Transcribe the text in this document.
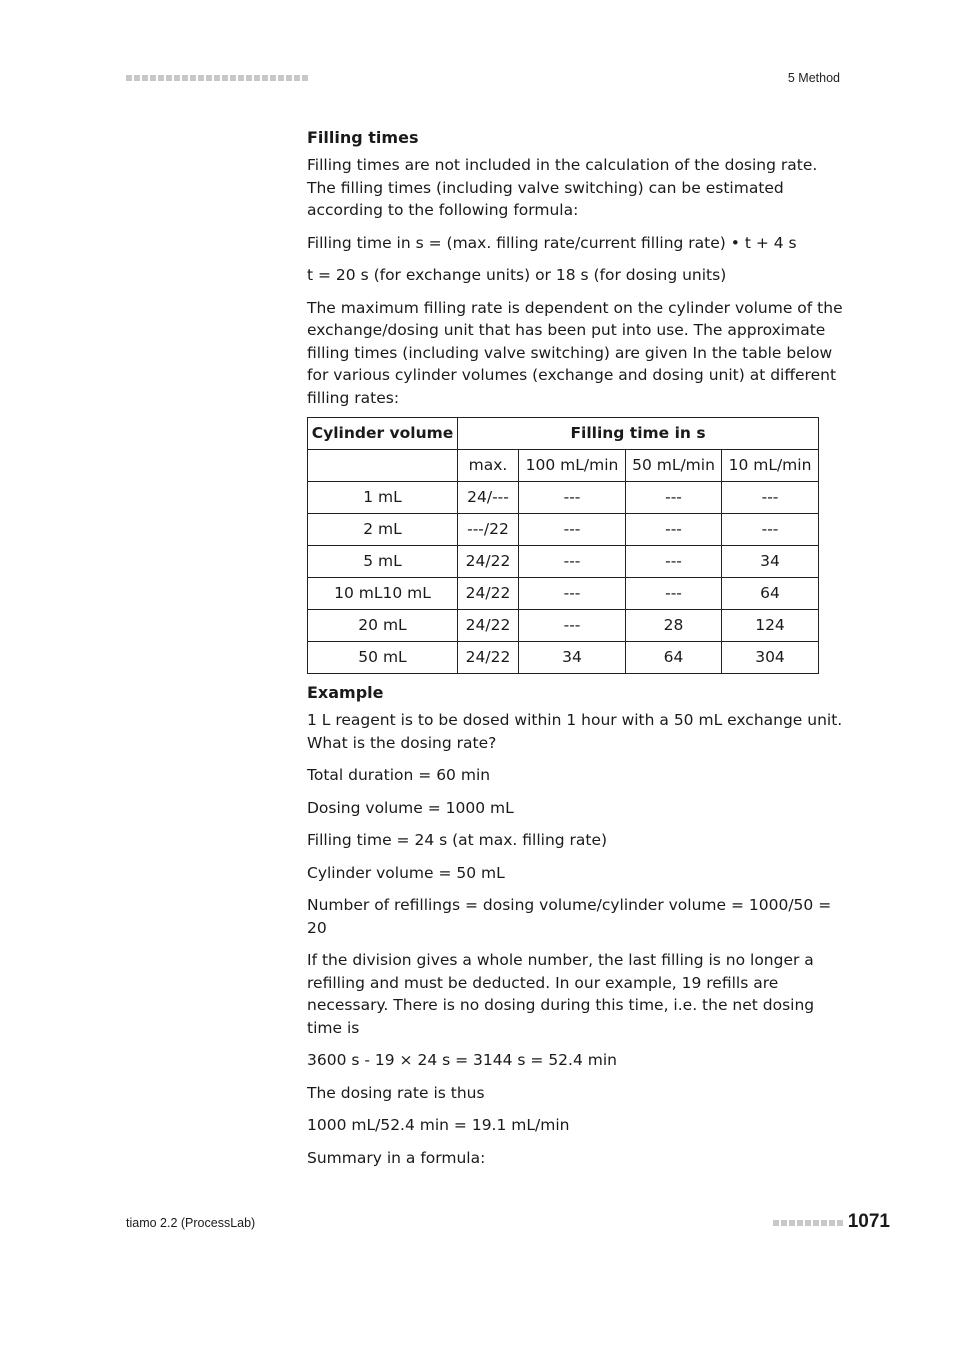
5 Method
Filling times

Filling times are not included in the calculation of the dosing rate. The filling times (including valve switching) can be estimated according to the following formula:

Filling time in s = (max. filling rate/current filling rate) • t + 4 s

t = 20 s (for exchange units) or 18 s (for dosing units)

The maximum filling rate is dependent on the cylinder volume of the exchange/dosing unit that has been put into use. The approximate filling times (including valve switching) are given In the table below for various cylinder volumes (exchange and dosing unit) at different filling rates:

Cylinder volume	Filling time in s			
	max.	100 mL/min	50 mL/min	10 mL/min
1 mL	24/---	---	---	---
2 mL	---/22	---	---	---
5 mL	24/22	---	---	34
10 mL10 mL	24/22	---	---	64
20 mL	24/22	---	28	124
50 mL	24/22	34	64	304
Example

1 L reagent is to be dosed within 1 hour with a 50 mL exchange unit. What is the dosing rate?

Total duration = 60 min

Dosing volume = 1000 mL

Filling time = 24 s (at max. filling rate)

Cylinder volume = 50 mL

Number of refillings = dosing volume/cylinder volume = 1000/50 = 20

If the division gives a whole number, the last filling is no longer a refilling and must be deducted. In our example, 19 refills are necessary. There is no dosing during this time, i.e. the net dosing time is

3600 s - 19 × 24 s = 3144 s = 52.4 min

The dosing rate is thus

1000 mL/52.4 min = 19.1 mL/min

Summary in a formula:

tiamo 2.2 (ProcessLab)	1071
